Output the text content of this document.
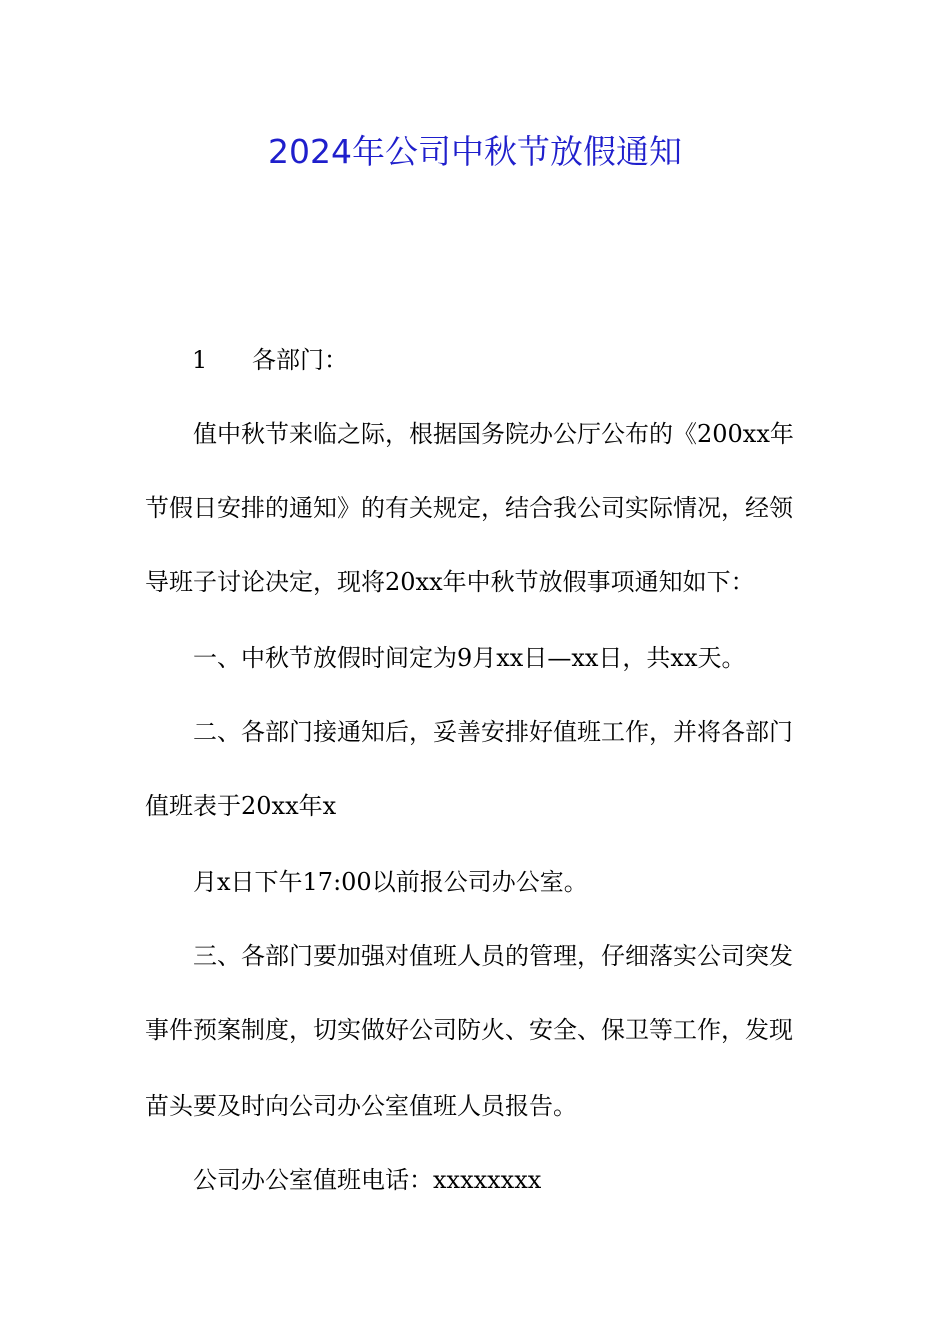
2024年公司中秋节放假通知
1 各部门：
值中秋节来临之际，根据国务院办公厅公布的《200xx年
节假日安排的通知》的有关规定，结合我公司实际情况，经领
导班子讨论决定，现将20xx年中秋节放假事项通知如下：
一、中秋节放假时间定为9月xx日—xx日，共xx天。
二、各部门接通知后，妥善安排好值班工作，并将各部门
值班表于20xx年x
月x日下午17:00以前报公司办公室。
三、各部门要加强对值班人员的管理，仔细落实公司突发
事件预案制度，切实做好公司防火、安全、保卫等工作，发现
苗头要及时向公司办公室值班人员报告。
公司办公室值班电话：xxxxxxxx
